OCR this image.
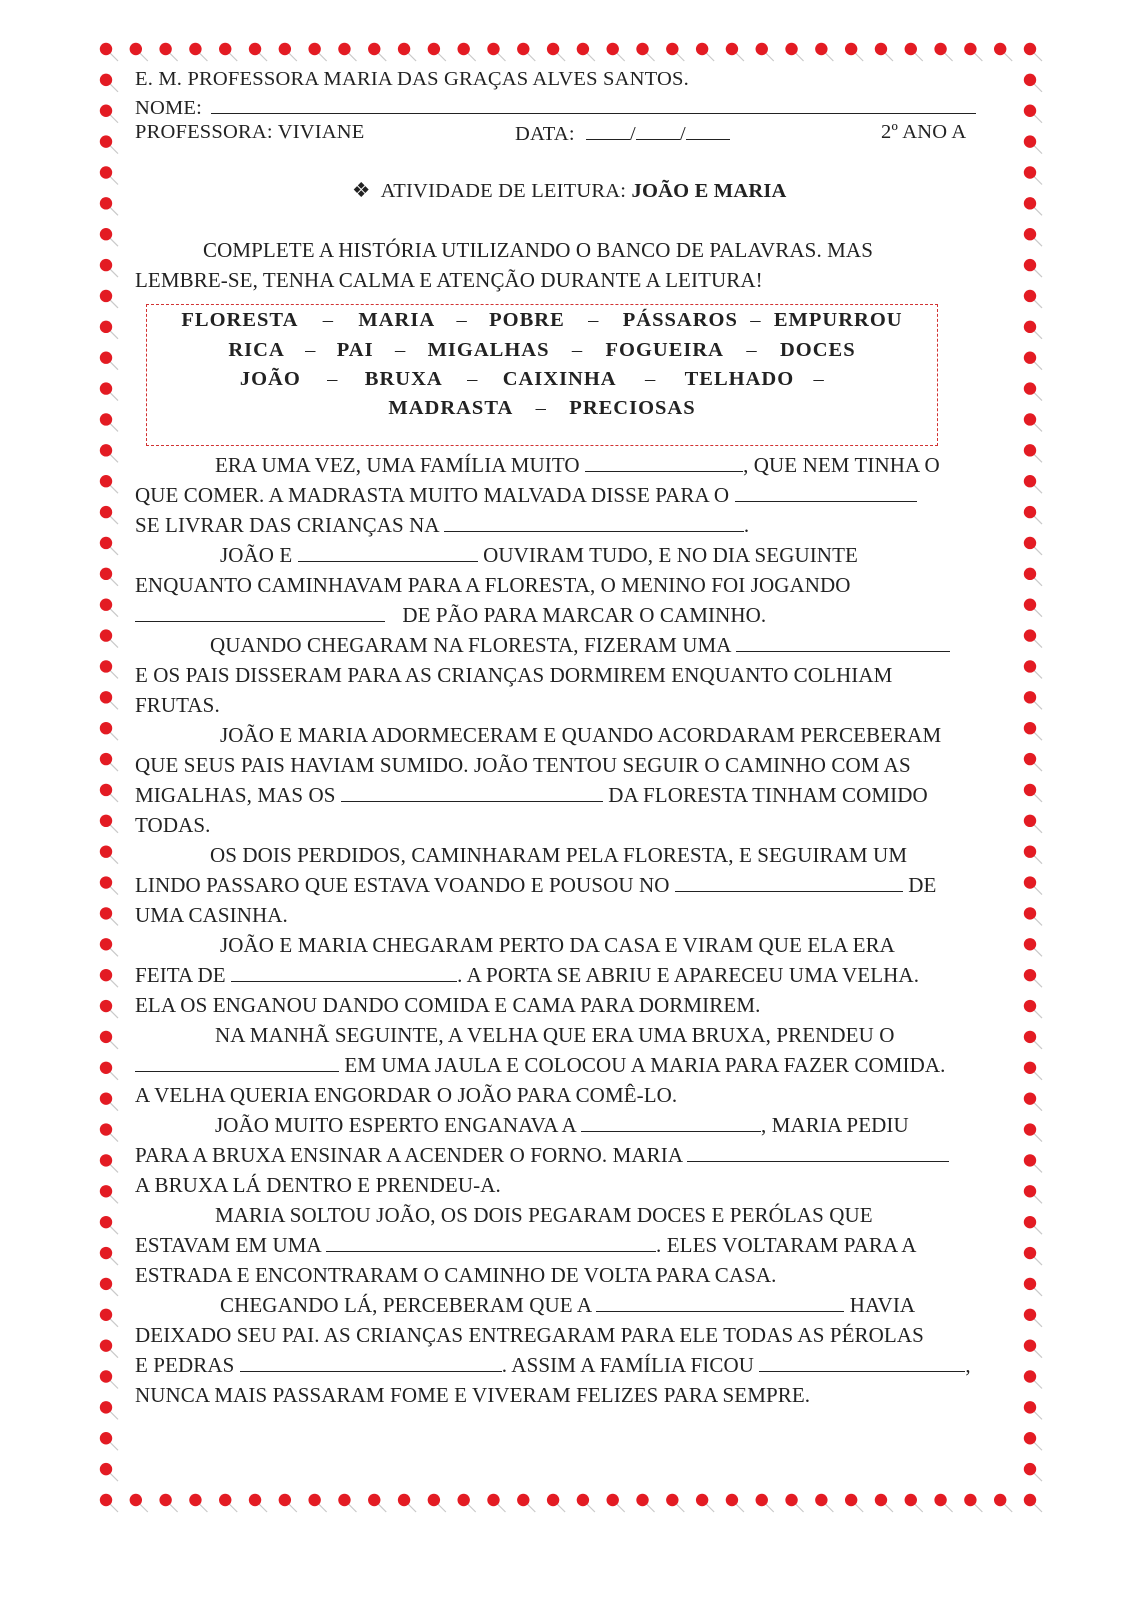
E. M. PROFESSORA MARIA DAS GRAÇAS ALVES SANTOS.
NOME:
PROFESSORA: VIVIANE	DATA:	/ /	2º ANO A
❖ ATIVIDADE DE LEITURA: JOÃO E MARIA
COMPLETE A HISTÓRIA UTILIZANDO O BANCO DE PALAVRAS. MAS
LEMBRE-SE, TENHA CALMA E ATENÇÃO DURANTE A LEITURA!
FLORESTA – MARIA – POBRE – PÁSSAROS – EMPURROU
RICA – PAI – MIGALHAS – FOGUEIRA – DOCES
JOÃO – BRUXA – CAIXINHA – TELHADO –
MADRASTA – PRECIOSAS
ERA UMA VEZ, UMA FAMÍLIA MUITO	, QUE NEM TINHA O
QUE COMER. A MADRASTA MUITO MALVADA DISSE PARA O
SE LIVRAR DAS CRIANÇAS NA	.
JOÃO E	OUVIRAM TUDO, E NO DIA SEGUINTE
ENQUANTO CAMINHAVAM PARA A FLORESTA, O MENINO FOI JOGANDO
DE PÃO PARA MARCAR O CAMINHO.
QUANDO CHEGARAM NA FLORESTA, FIZERAM UMA
E OS PAIS DISSERAM PARA AS CRIANÇAS DORMIREM ENQUANTO COLHIAM
FRUTAS.
JOÃO E MARIA ADORMECERAM E QUANDO ACORDARAM PERCEBERAM
QUE SEUS PAIS HAVIAM SUMIDO. JOÃO TENTOU SEGUIR O CAMINHO COM AS
MIGALHAS, MAS OS	DA FLORESTA TINHAM COMIDO
TODAS.
OS DOIS PERDIDOS, CAMINHARAM PELA FLORESTA, E SEGUIRAM UM
LINDO PASSARO QUE ESTAVA VOANDO E POUSOU NO	DE
UMA CASINHA.
JOÃO E MARIA CHEGARAM PERTO DA CASA E VIRAM QUE ELA ERA
FEITA DE	. A PORTA SE ABRIU E APARECEU UMA VELHA.
ELA OS ENGANOU DANDO COMIDA E CAMA PARA DORMIREM.
NA MANHÃ SEGUINTE, A VELHA QUE ERA UMA BRUXA, PRENDEU O
EM UMA JAULA E COLOCOU A MARIA PARA FAZER COMIDA.
A VELHA QUERIA ENGORDAR O JOÃO PARA COMÊ-LO.
JOÃO MUITO ESPERTO ENGANAVA A	, MARIA PEDIU
PARA A BRUXA ENSINAR A ACENDER O FORNO. MARIA
A BRUXA LÁ DENTRO E PRENDEU-A.
MARIA SOLTOU JOÃO, OS DOIS PEGARAM DOCES E PERÓLAS QUE
ESTAVAM EM UMA	. ELES VOLTARAM PARA A
ESTRADA E ENCONTRARAM O CAMINHO DE VOLTA PARA CASA.
CHEGANDO LÁ, PERCEBERAM QUE A	HAVIA
DEIXADO SEU PAI. AS CRIANÇAS ENTREGARAM PARA ELE TODAS AS PÉROLAS
E PEDRAS	. ASSIM A FAMÍLIA FICOU	,
NUNCA MAIS PASSARAM FOME E VIVERAM FELIZES PARA SEMPRE.
